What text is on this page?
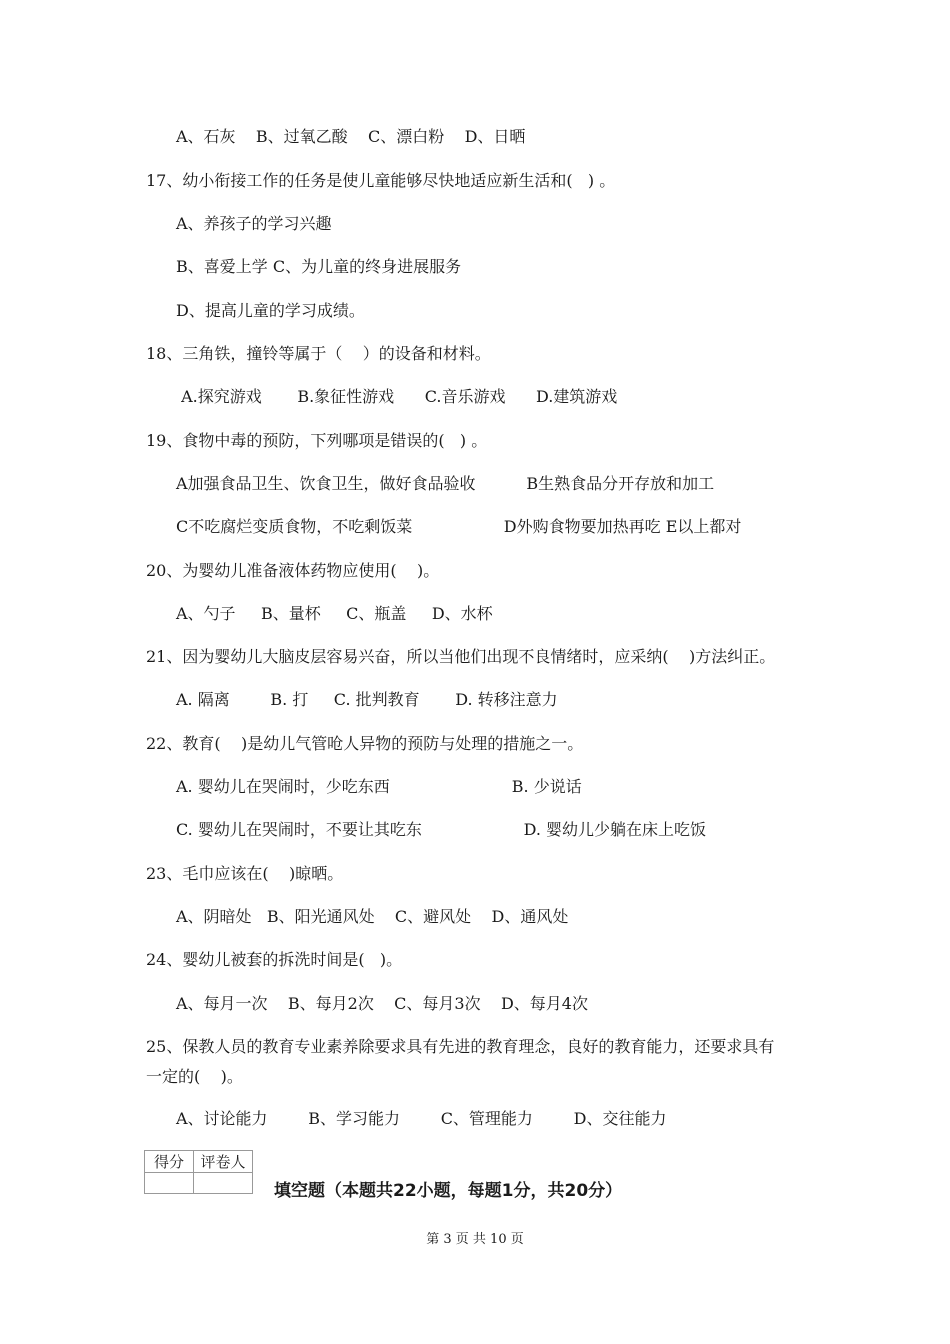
A、石灰    B、过氧乙酸    C、漂白粉    D、日晒
17、幼小衔接工作的任务是使儿童能够尽快地适应新生活和(   ) 。
A、养孩子的学习兴趣
B、喜爱上学 C、为儿童的终身进展服务
D、提高儿童的学习成绩。
18、三角铁，撞铃等属于（    ）的设备和材料。
A.探究游戏       B.象征性游戏      C.音乐游戏      D.建筑游戏
19、食物中毒的预防，下列哪项是错误的(   ) 。
A加强食品卫生、饮食卫生，做好食品验收          B生熟食品分开存放和加工
C不吃腐烂变质食物，不吃剩饭菜                  D外购食物要加热再吃 E以上都对
20、为婴幼儿准备液体药物应使用(    )。
A、勺子     B、量杯     C、瓶盖     D、水杯
21、因为婴幼儿大脑皮层容易兴奋，所以当他们出现不良情绪时，应采纳(    )方法纠正。
A. 隔离        B. 打     C. 批判教育       D. 转移注意力
22、教育(    )是幼儿气管呛人异物的预防与处理的措施之一。
A. 婴幼儿在哭闹时，少吃东西                        B. 少说话
C. 婴幼儿在哭闹时，不要让其吃东                    D. 婴幼儿少躺在床上吃饭
23、毛巾应该在(    )晾晒。
A、阴暗处   B、阳光通风处    C、避风处    D、通风处
24、婴幼儿被套的拆洗时间是(   )。
A、每月一次    B、每月2次    C、每月3次    D、每月4次
25、保教人员的教育专业素养除要求具有先进的教育理念，良好的教育能力，还要求具有
一定的(    )。
A、讨论能力        B、学习能力        C、管理能力        D、交往能力
得分	评卷人

填空题（本题共22小题，每题1分，共20分）
第 3 页 共 10 页
